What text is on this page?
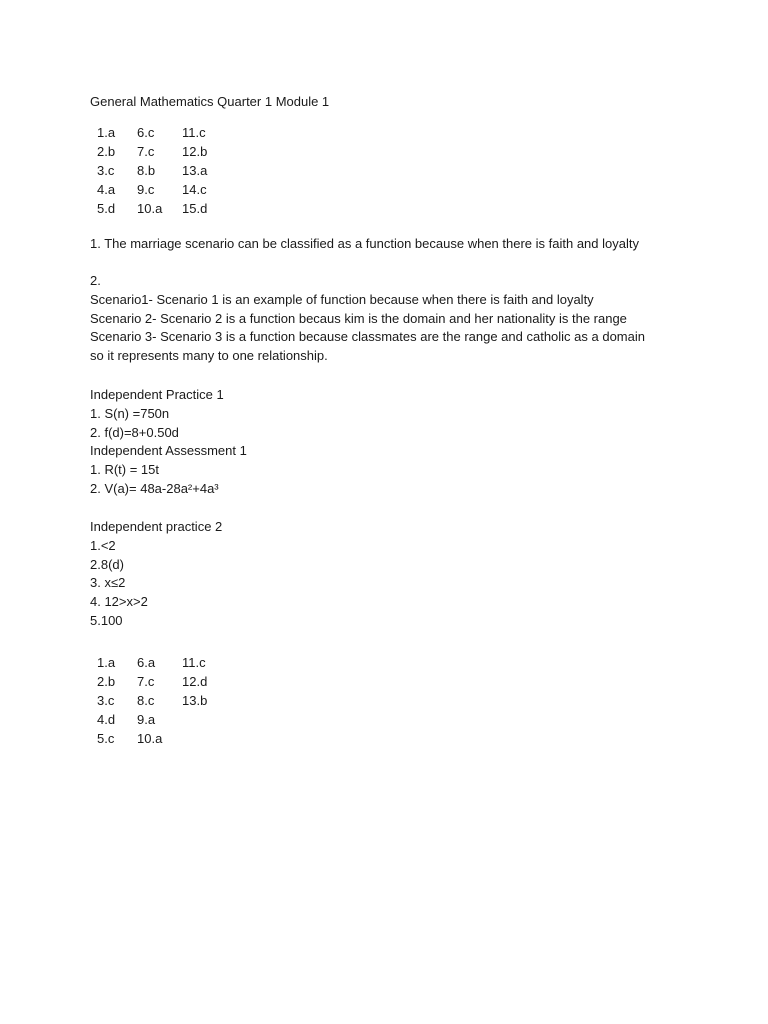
General Mathematics Quarter 1 Module 1
1.a	6.c	11.c
2.b	7.c	12.b
3.c	8.b	13.a
4.a	9.c	14.c
5.d	10.a	15.d
1. The marriage scenario can be classified as a function because when there is faith and loyalty
2.
Scenario1- Scenario 1 is an example of function because when there is faith and loyalty
Scenario 2- Scenario 2 is a function becaus kim is the domain and her nationality is the range
Scenario 3- Scenario 3 is a function because classmates are the range and catholic as a domain
so it represents many to one relationship.
Independent Practice 1
1. S(n) =750n
2. f(d)=8+0.50d
Independent Assessment 1
1. R(t) = 15t
2. V(a)= 48a-28a²+4a³
Independent practice 2
1.<2
2.8(d)
3. x≤2
4. 12>x>2
5.100
1.a	6.a	11.c
2.b	7.c	12.d
3.c	8.c	13.b
4.d	9.a	
5.c	10.a	
